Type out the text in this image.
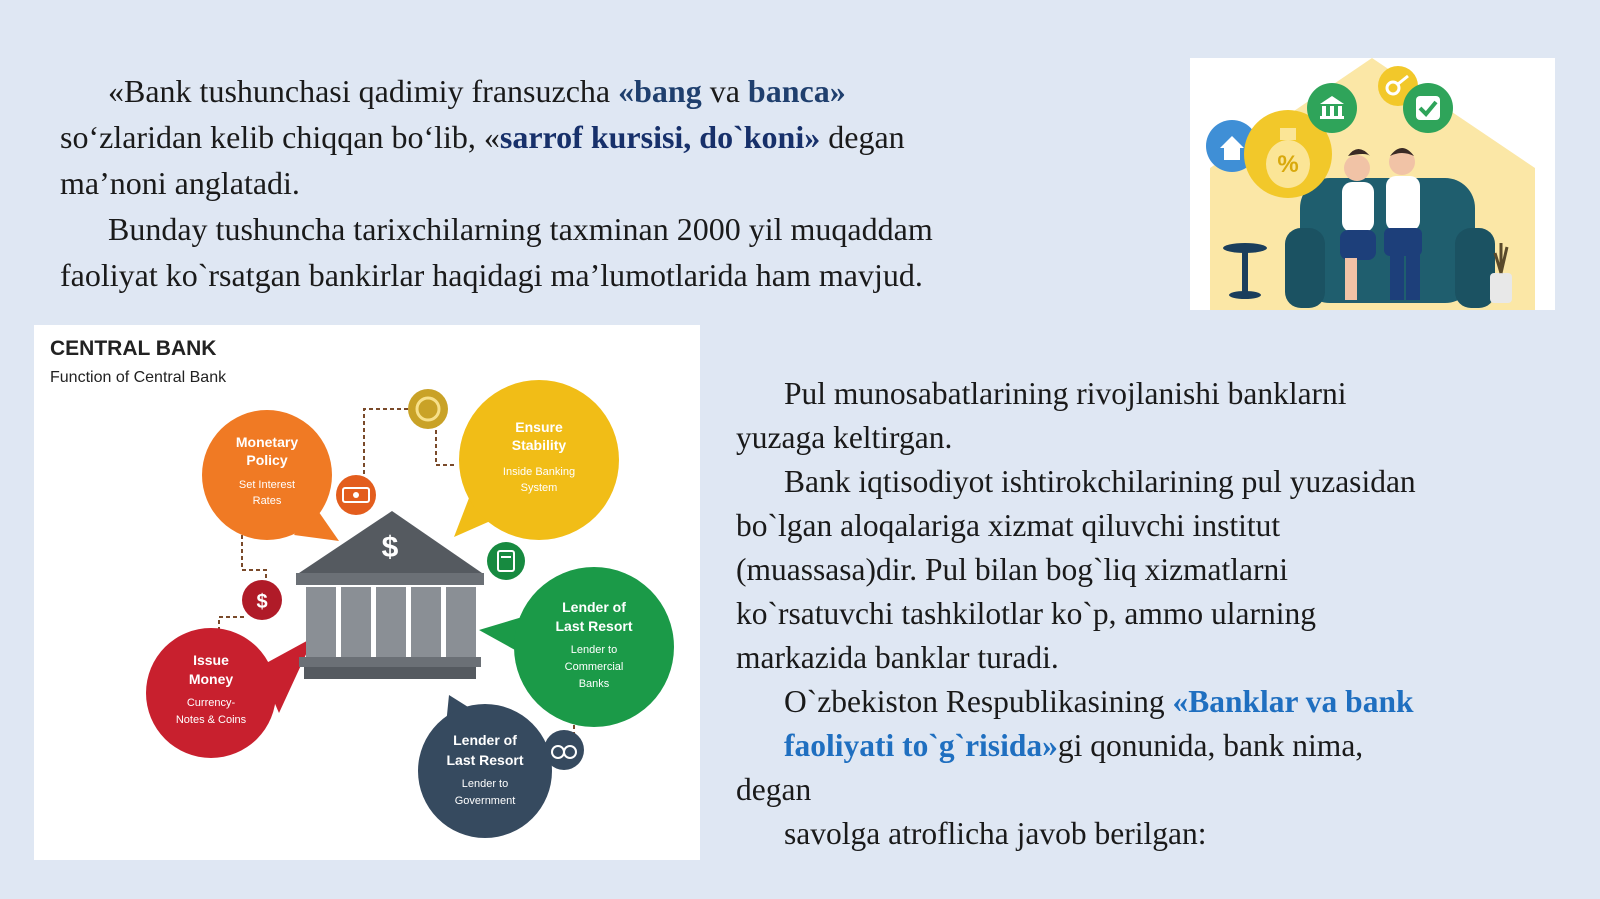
«Bank tushunchasi qadimiy fransuzcha «bang va banca»
so‘zlaridan kelib chiqqan bo‘lib, «sarrof kursisi, do`koni» degan
ma’noni anglatadi.
Bunday tushuncha tarixchilarning taxminan 2000 yil muqaddam
faoliyat ko`rsatgan bankirlar haqidagi ma’lumotlarida ham mavjud.
%
CENTRAL BANK
Function of Central Bank
Monetary
Policy
Set Interest
Rates
Ensure
Stability
Inside Banking
System
Lender of
Last Resort
Lender to
Commercial
Banks
Lender of
Last Resort
Lender to
Government
Issue
Money
Currency-
Notes & Coins
$
$
Pul munosabatlarining rivojlanishi banklarni
yuzaga keltirgan.
Bank iqtisodiyot ishtirokchilarining pul yuzasidan
bo`lgan aloqalariga xizmat qiluvchi institut
(muassasa)dir. Pul bilan bog`liq xizmatlarni
ko`rsatuvchi tashkilotlar ko`p, ammo ularning
markazida banklar turadi.
O`zbekiston Respublikasining «Banklar va bank
faoliyati to`g`risida»gi qonunida, bank nima,
degan
savolga atroflicha javob berilgan:
